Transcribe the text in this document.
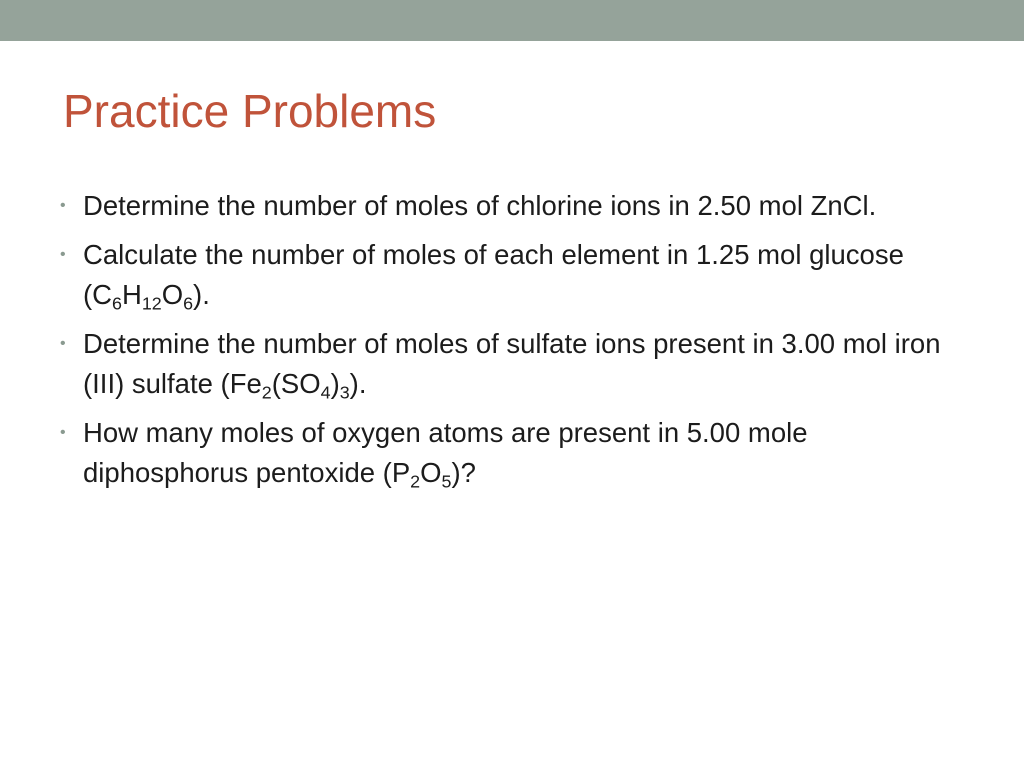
Practice Problems
• Determine the number of moles of chlorine ions in 2.50 mol ZnCl.
• Calculate the number of moles of each element in 1.25 mol glucose $(C_6H_{12}O_6)$.
• Determine the number of moles of sulfate ions present in 3.00 mol iron (III) sulfate $(Fe_2(SO_4)_3)$.
• How many moles of oxygen atoms are present in 5.00 mole diphosphorus pentoxide $(P_2O_5)$?
